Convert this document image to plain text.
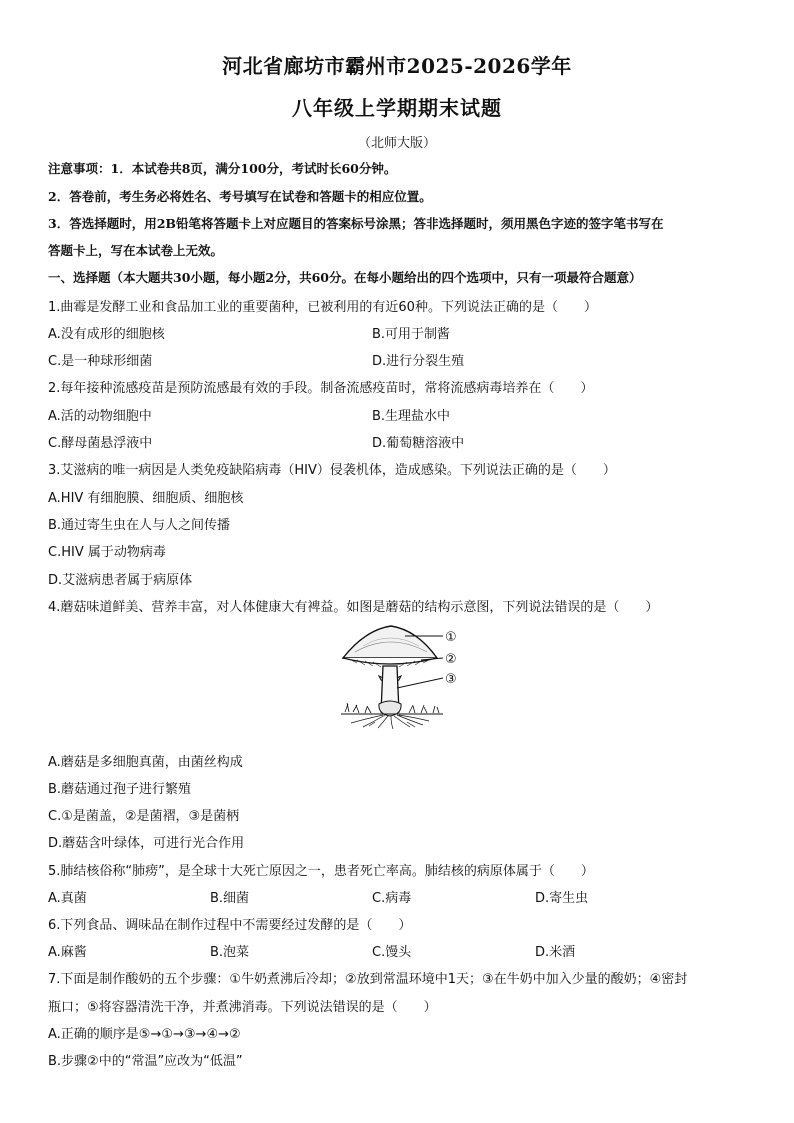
河北省廊坊市霸州市2025-2026学年
八年级上学期期末试题
（北师大版）
注意事项：1．本试卷共8页，满分100分，考试时长60分钟。
2．答卷前，考生务必将姓名、考号填写在试卷和答题卡的相应位置。
3．答选择题时，用2B铅笔将答题卡上对应题目的答案标号涂黑；答非选择题时，须用黑色字迹的签字笔书写在
答题卡上，写在本试卷上无效。
一、选择题（本大题共30小题，每小题2分，共60分。在每小题给出的四个选项中，只有一项最符合题意）
1.曲霉是发酵工业和食品加工业的重要菌种，已被利用的有近60种。下列说法正确的是（　　）
A.没有成形的细胞核	B.可用于制酱
C.是一种球形细菌	D.进行分裂生殖
2.每年接种流感疫苗是预防流感最有效的手段。制备流感疫苗时，常将流感病毒培养在（　　）
A.活的动物细胞中	B.生理盐水中
C.酵母菌悬浮液中	D.葡萄糖溶液中
3.艾滋病的唯一病因是人类免疫缺陷病毒（HIV）侵袭机体，造成感染。下列说法正确的是（　　）
A.HIV 有细胞膜、细胞质、细胞核
B.通过寄生虫在人与人之间传播
C.HIV 属于动物病毒
D.艾滋病患者属于病原体
4.蘑菇味道鲜美、营养丰富，对人体健康大有裨益。如图是蘑菇的结构示意图，下列说法错误的是（　　）
①
②
③
A.蘑菇是多细胞真菌，由菌丝构成
B.蘑菇通过孢子进行繁殖
C.①是菌盖，②是菌褶，③是菌柄
D.蘑菇含叶绿体，可进行光合作用
5.肺结核俗称“肺痨”，是全球十大死亡原因之一，患者死亡率高。肺结核的病原体属于（　　）
A.真菌	B.细菌	C.病毒	D.寄生虫
6.下列食品、调味品在制作过程中不需要经过发酵的是（　　）
A.麻酱	B.泡菜	C.馒头	D.米酒
7.下面是制作酸奶的五个步骤：①牛奶煮沸后冷却；②放到常温环境中1天；③在牛奶中加入少量的酸奶；④密封
瓶口；⑤将容器清洗干净，并煮沸消毒。下列说法错误的是（　　）
A.正确的顺序是⑤→①→③→④→②
B.步骤②中的“常温”应改为“低温”
